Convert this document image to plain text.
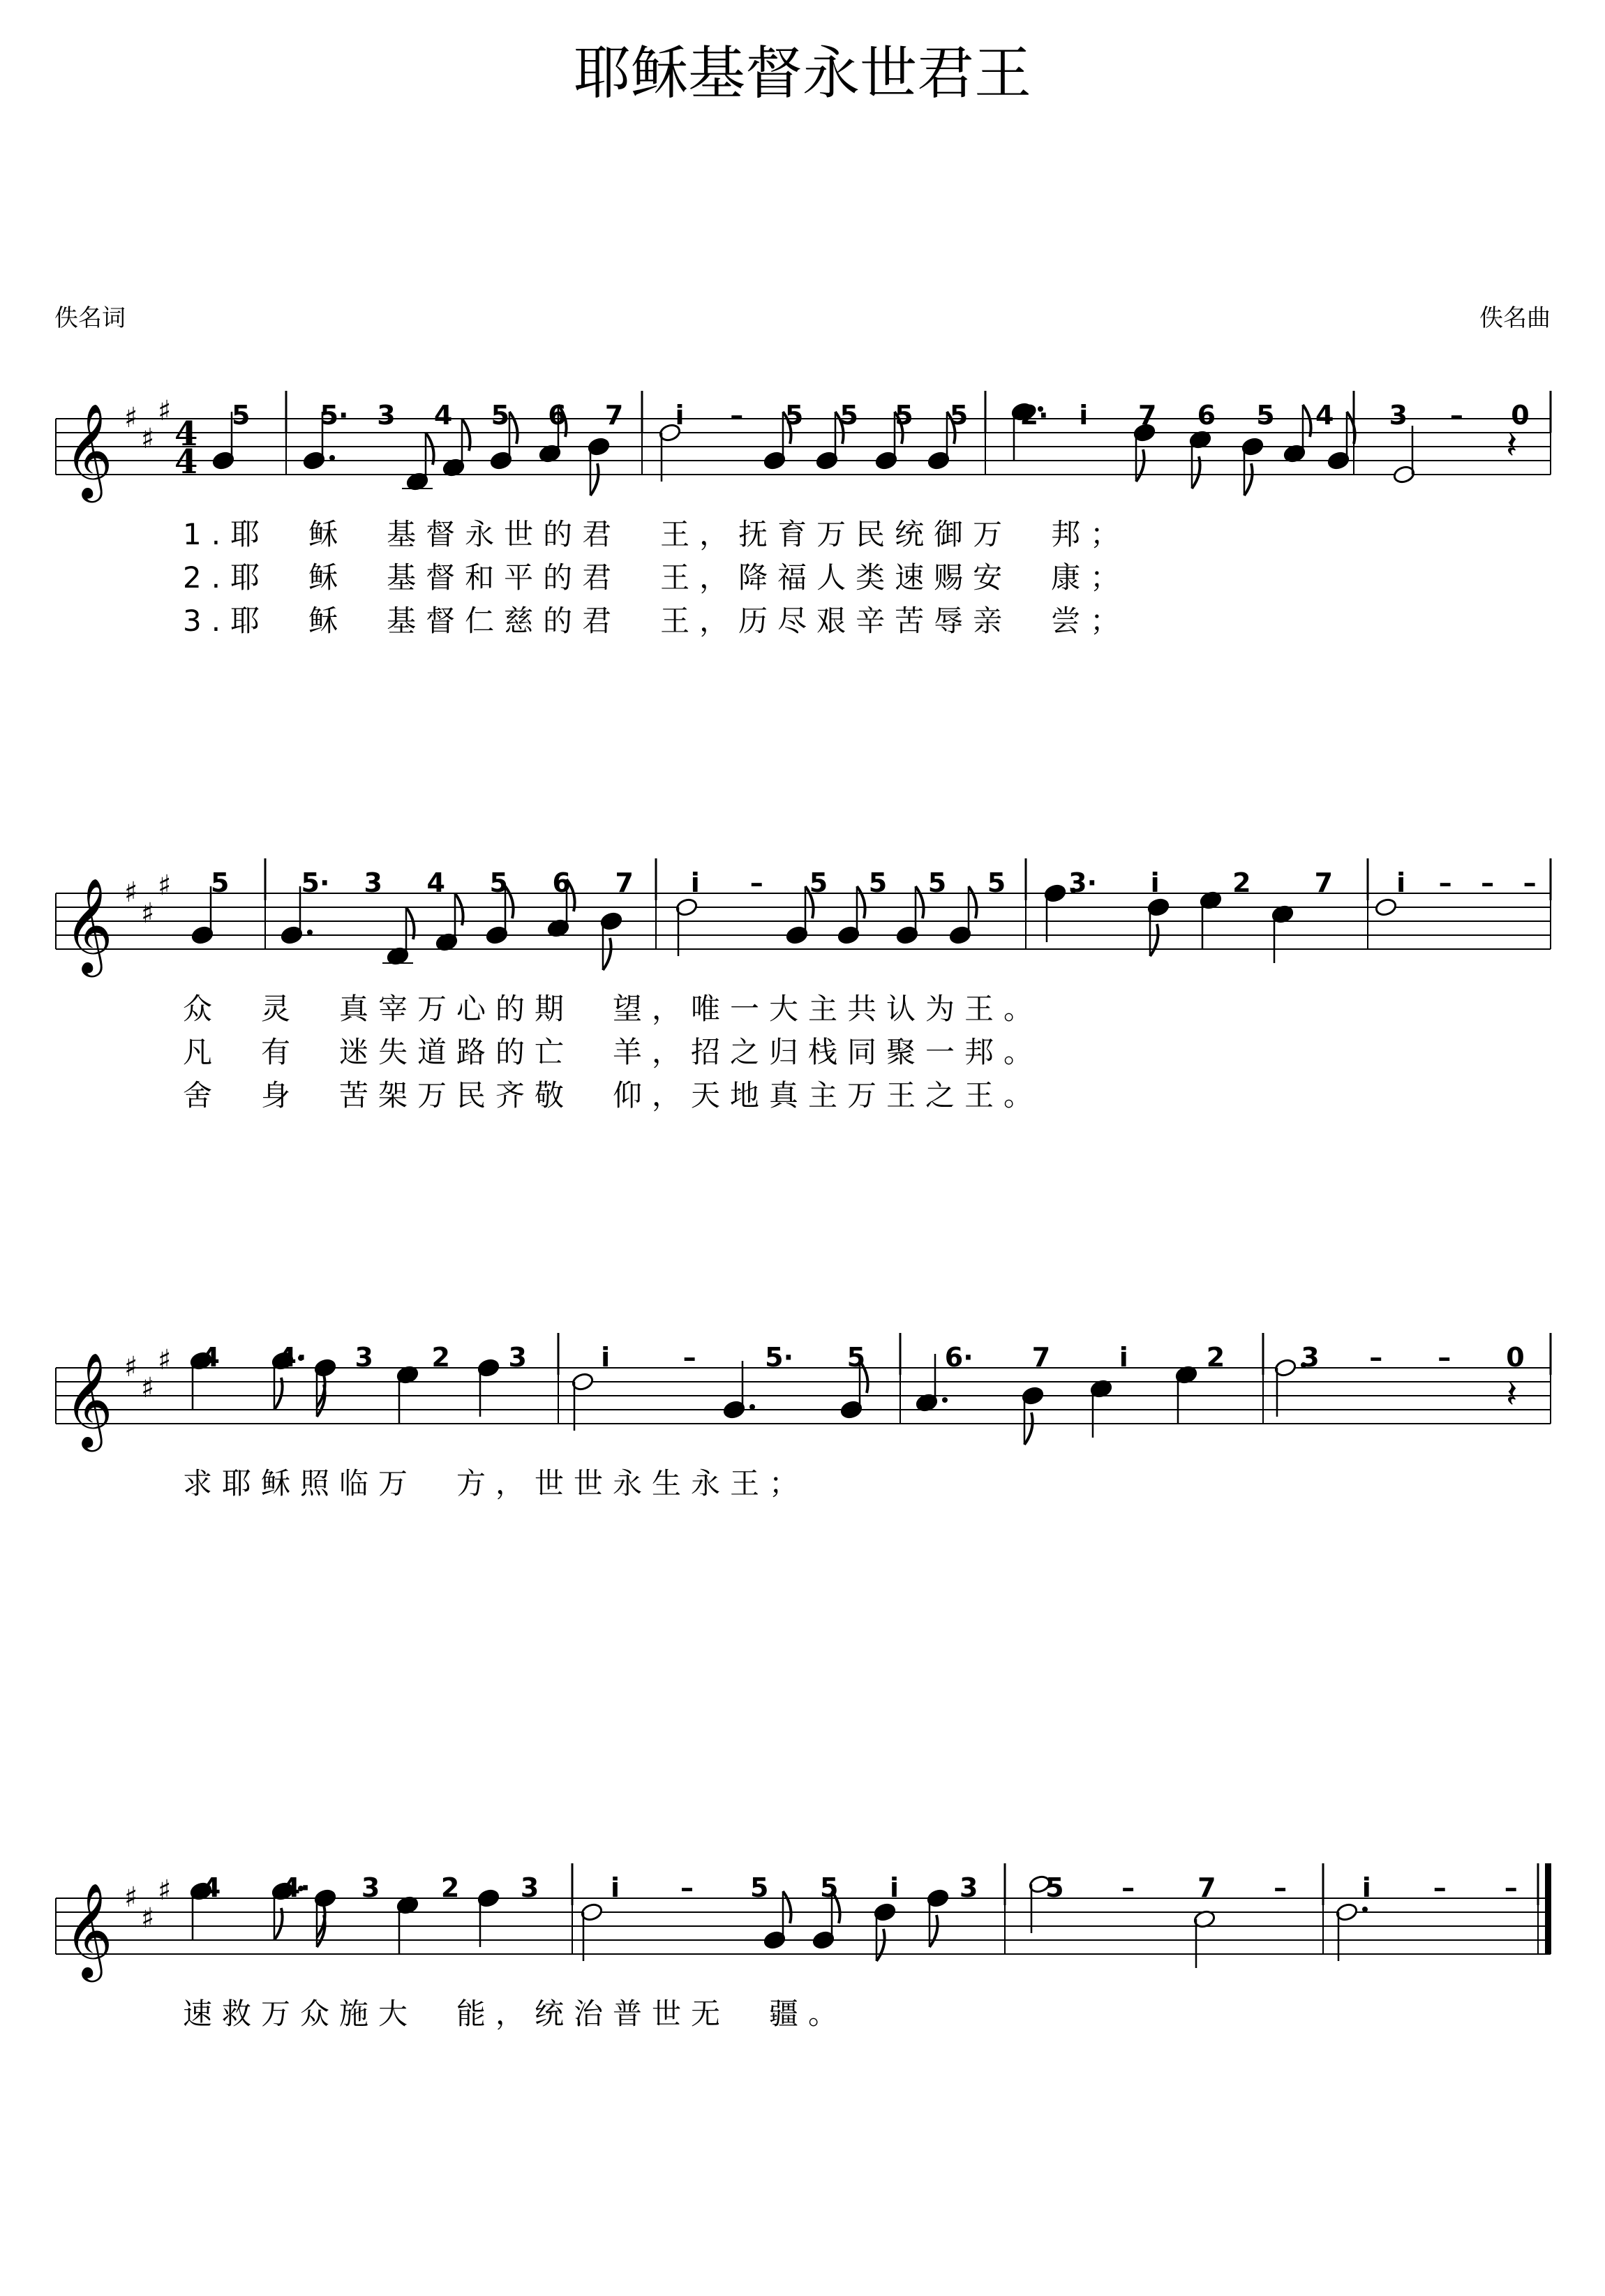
耶稣基督永世君王
佚名词	佚名曲
𝄞 ♯
♯
♯
4
4	𝄽
5	5· 3 4 5 6 7 i – 5 5 5 5 2· i 7 6 5 4 3 – 0
1.耶　稣　基督永世的君　王，抚育万民统御万　邦；
2.耶　稣　基督和平的君　王，降福人类速赐安　康；
3.耶　稣　基督仁慈的君　王，历尽艰辛苦辱亲　尝；
𝄞 ♯
♯
♯ 5	5· 3 4 5 6 7 i – 5 5 5 5 3· i	2 7 i – – –
众　灵　真宰万心的期　望，唯一大主共认为王。
凡　有　迷失道路的亡　羊，招之归栈同聚一邦。
舍　身　苦架万民齐敬　仰，天地真主万王之王。
𝄞 ♯
♯
♯
𝄽
4 4· 3 2 3	i	–	5· 5	6· 7	i	2	3 – – 0
求耶稣照临万　方，世世永生永王；
𝄞 ♯
♯
♯ 4 4· 3 2 3	i – 5 5 i 3	5 – 7 –	i – –
速救万众施大　能，统治普世无　疆。
